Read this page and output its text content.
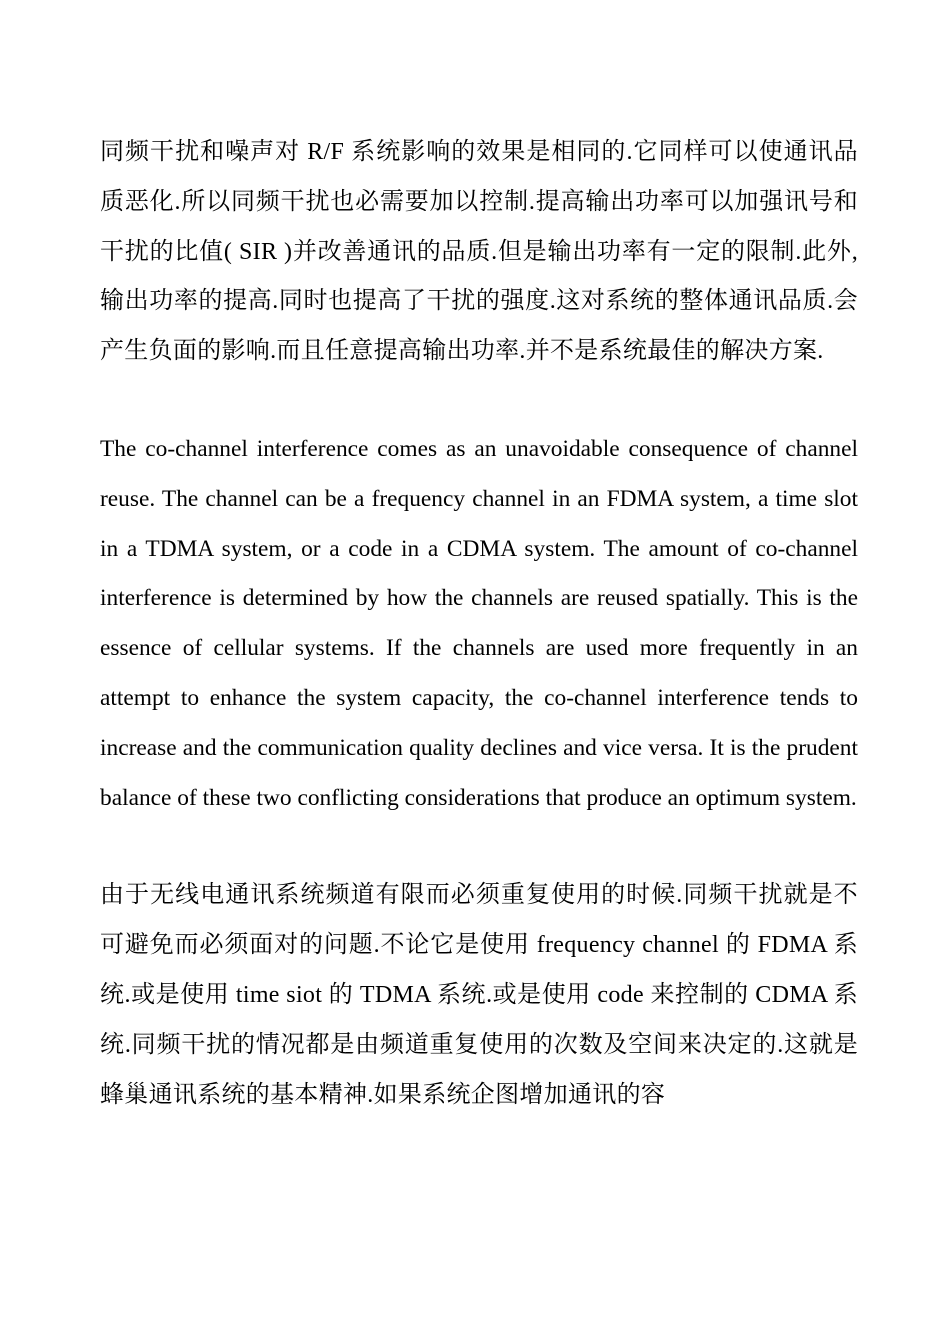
同频干扰和噪声对 R/F 系统影响的效果是相同的.它同样可以使通讯品质恶化.所以同频干扰也必需要加以控制.提高输出功率可以加强讯号和干扰的比值( SIR )并改善通讯的品质.但是输出功率有一定的限制.此外,输出功率的提高.同时也提高了干扰的强度.这对系统的整体通讯品质.会产生负面的影响.而且任意提高输出功率.并不是系统最佳的解决方案.

The co-channel interference comes as an unavoidable consequence of channel reuse. The channel can be a frequency channel in an FDMA system, a time slot in a TDMA system, or a code in a CDMA system. The amount of co-channel interference is determined by how the channels are reused spatially. This is the essence of cellular systems. If the channels are used more frequently in an attempt to enhance the system capacity, the co-channel interference tends to increase and the communication quality declines and vice versa. It is the prudent balance of these two conflicting considerations that produce an optimum system.

由于无线电通讯系统频道有限而必须重复使用的时候.同频干扰就是不可避免而必须面对的问题.不论它是使用 frequency channel 的 FDMA 系统.或是使用 time siot 的 TDMA 系统.或是使用 code 来控制的 CDMA 系统.同频干扰的情况都是由频道重复使用的次数及空间来决定的.这就是蜂巢通讯系统的基本精神.如果系统企图增加通讯的容
